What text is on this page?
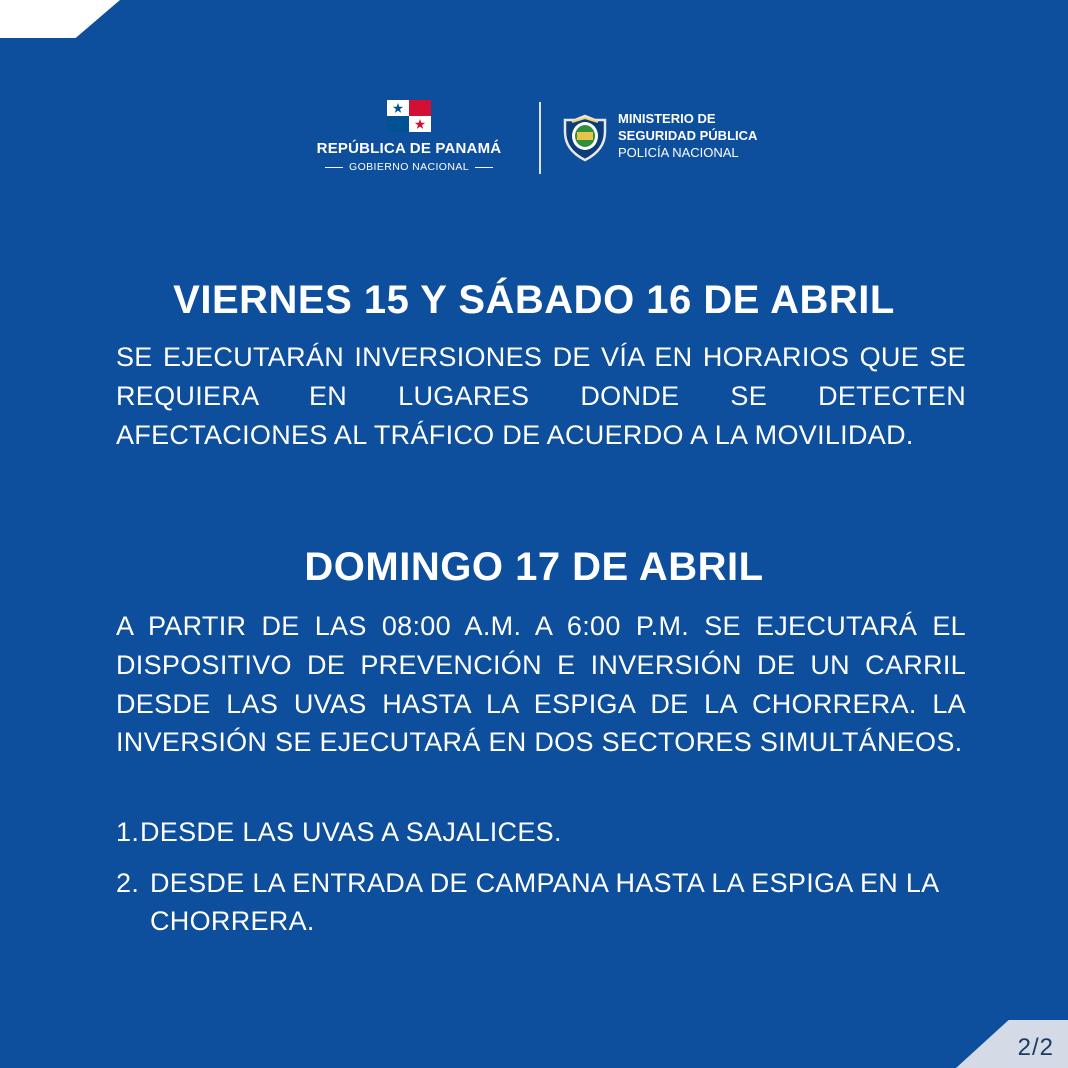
REPÚBLICA DE PANAMÁ
GOBIERNO NACIONAL
MINISTERIO DE
SEGURIDAD PÚBLICA
POLICÍA NACIONAL
VIERNES 15 Y SÁBADO 16 DE ABRIL
SE EJECUTARÁN INVERSIONES DE VÍA EN HORARIOS QUE SE REQUIERA EN LUGARES DONDE SE DETECTEN AFECTACIONES AL TRÁFICO DE ACUERDO A LA MOVILIDAD.
DOMINGO 17 DE ABRIL
A PARTIR DE LAS 08:00 A.M. A 6:00 P.M. SE EJECUTARÁ EL DISPOSITIVO DE PREVENCIÓN E INVERSIÓN DE UN CARRIL DESDE LAS UVAS HASTA LA ESPIGA DE LA CHORRERA. LA INVERSIÓN SE EJECUTARÁ EN DOS SECTORES SIMULTÁNEOS.
1.DESDE LAS UVAS A SAJALICES.
2. DESDE LA ENTRADA DE CAMPANA HASTA LA ESPIGA EN LA CHORRERA.
2/2
